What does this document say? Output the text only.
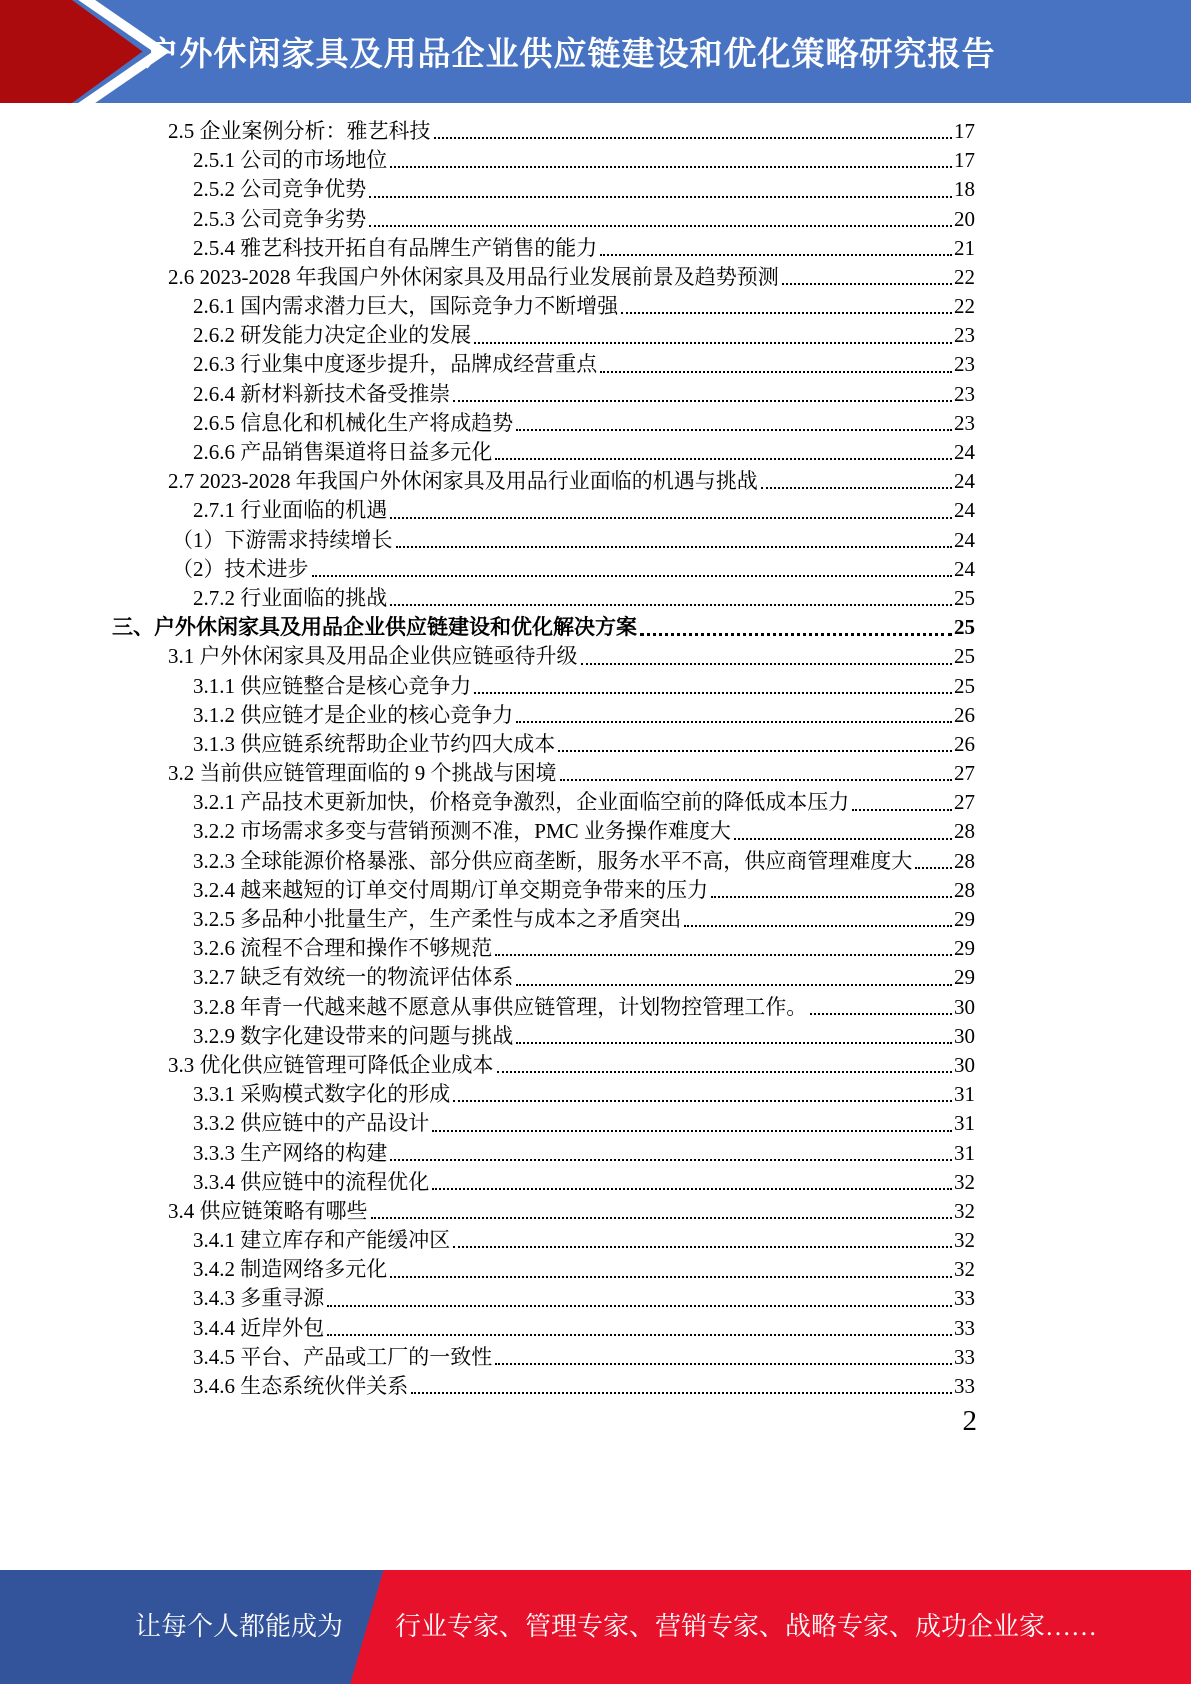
户外休闲家具及用品企业供应链建设和优化策略研究报告
2.5 企业案例分析：雅艺科技	17
2.5.1 公司的市场地位	17
2.5.2 公司竞争优势	18
2.5.3 公司竞争劣势	20
2.5.4 雅艺科技开拓自有品牌生产销售的能力	21
2.6 2023-2028 年我国户外休闲家具及用品行业发展前景及趋势预测	22
2.6.1 国内需求潜力巨大，国际竞争力不断增强	22
2.6.2 研发能力决定企业的发展	23
2.6.3 行业集中度逐步提升，品牌成经营重点	23
2.6.4 新材料新技术备受推崇	23
2.6.5 信息化和机械化生产将成趋势	23
2.6.6 产品销售渠道将日益多元化	24
2.7 2023-2028 年我国户外休闲家具及用品行业面临的机遇与挑战	24
2.7.1 行业面临的机遇	24
（1）下游需求持续增长	24
（2）技术进步	24
2.7.2 行业面临的挑战	25
三、户外休闲家具及用品企业供应链建设和优化解决方案	25
3.1 户外休闲家具及用品企业供应链亟待升级	25
3.1.1 供应链整合是核心竞争力	25
3.1.2 供应链才是企业的核心竞争力	26
3.1.3 供应链系统帮助企业节约四大成本	26
3.2 当前供应链管理面临的 9 个挑战与困境	27
3.2.1 产品技术更新加快，价格竞争激烈，企业面临空前的降低成本压力	27
3.2.2 市场需求多变与营销预测不准，PMC 业务操作难度大	28
3.2.3 全球能源价格暴涨、部分供应商垄断，服务水平不高，供应商管理难度大 28
3.2.4 越来越短的订单交付周期/订单交期竞争带来的压力	28
3.2.5 多品种小批量生产，生产柔性与成本之矛盾突出	29
3.2.6 流程不合理和操作不够规范	29
3.2.7 缺乏有效统一的物流评估体系	29
3.2.8 年青一代越来越不愿意从事供应链管理，计划物控管理工作。	30
3.2.9 数字化建设带来的问题与挑战	30
3.3 优化供应链管理可降低企业成本	30
3.3.1 采购模式数字化的形成	31
3.3.2 供应链中的产品设计	31
3.3.3 生产网络的构建	31
3.3.4 供应链中的流程优化	32
3.4 供应链策略有哪些	32
3.4.1 建立库存和产能缓冲区	32
3.4.2 制造网络多元化	32
3.4.3 多重寻源	33
3.4.4 近岸外包	33
3.4.5 平台、产品或工厂的一致性	33
3.4.6 生态系统伙伴关系	33
2
让每个人都能成为 行业专家、管理专家、营销专家、战略专家、成功企业家……
